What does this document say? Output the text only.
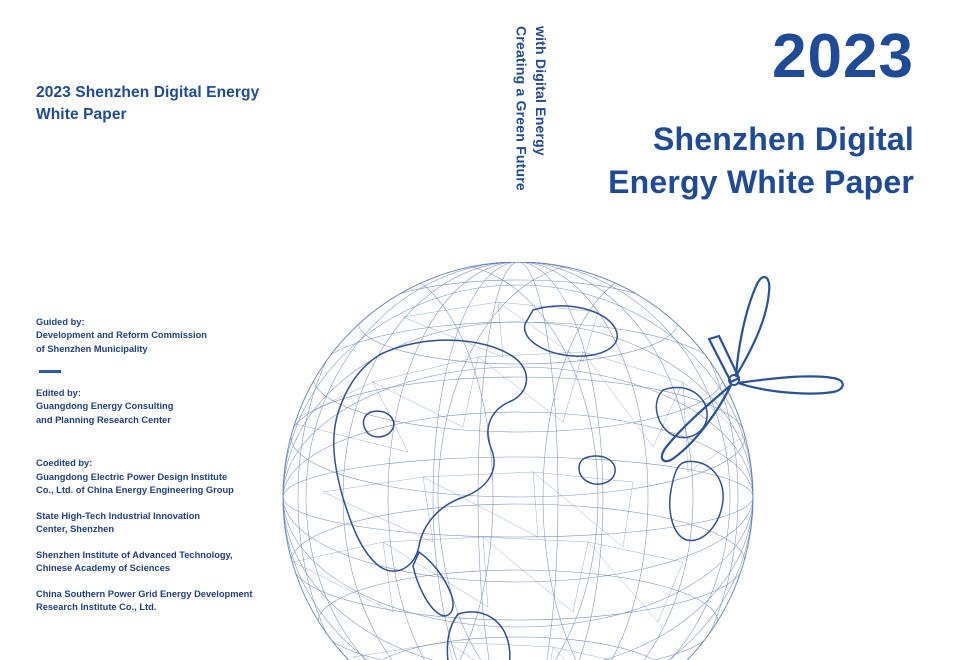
2023 Shenzhen Digital Energy White Paper	Creating a Green Future with Digital Energy	2023
Shenzhen Digital
Energy White Paper
Guided by:
Development and Reform Commission
of Shenzhen Municipality
Edited by:
Guangdong Energy Consulting
and Planning Research Center
Coedited by:
Guangdong Electric Power Design Institute
Co., Ltd. of China Energy Engineering Group
State High-Tech Industrial Innovation
Center, Shenzhen
Shenzhen Institute of Advanced Technology,
Chinese Academy of Sciences
China Southern Power Grid Energy Development
Research Institute Co., Ltd.
